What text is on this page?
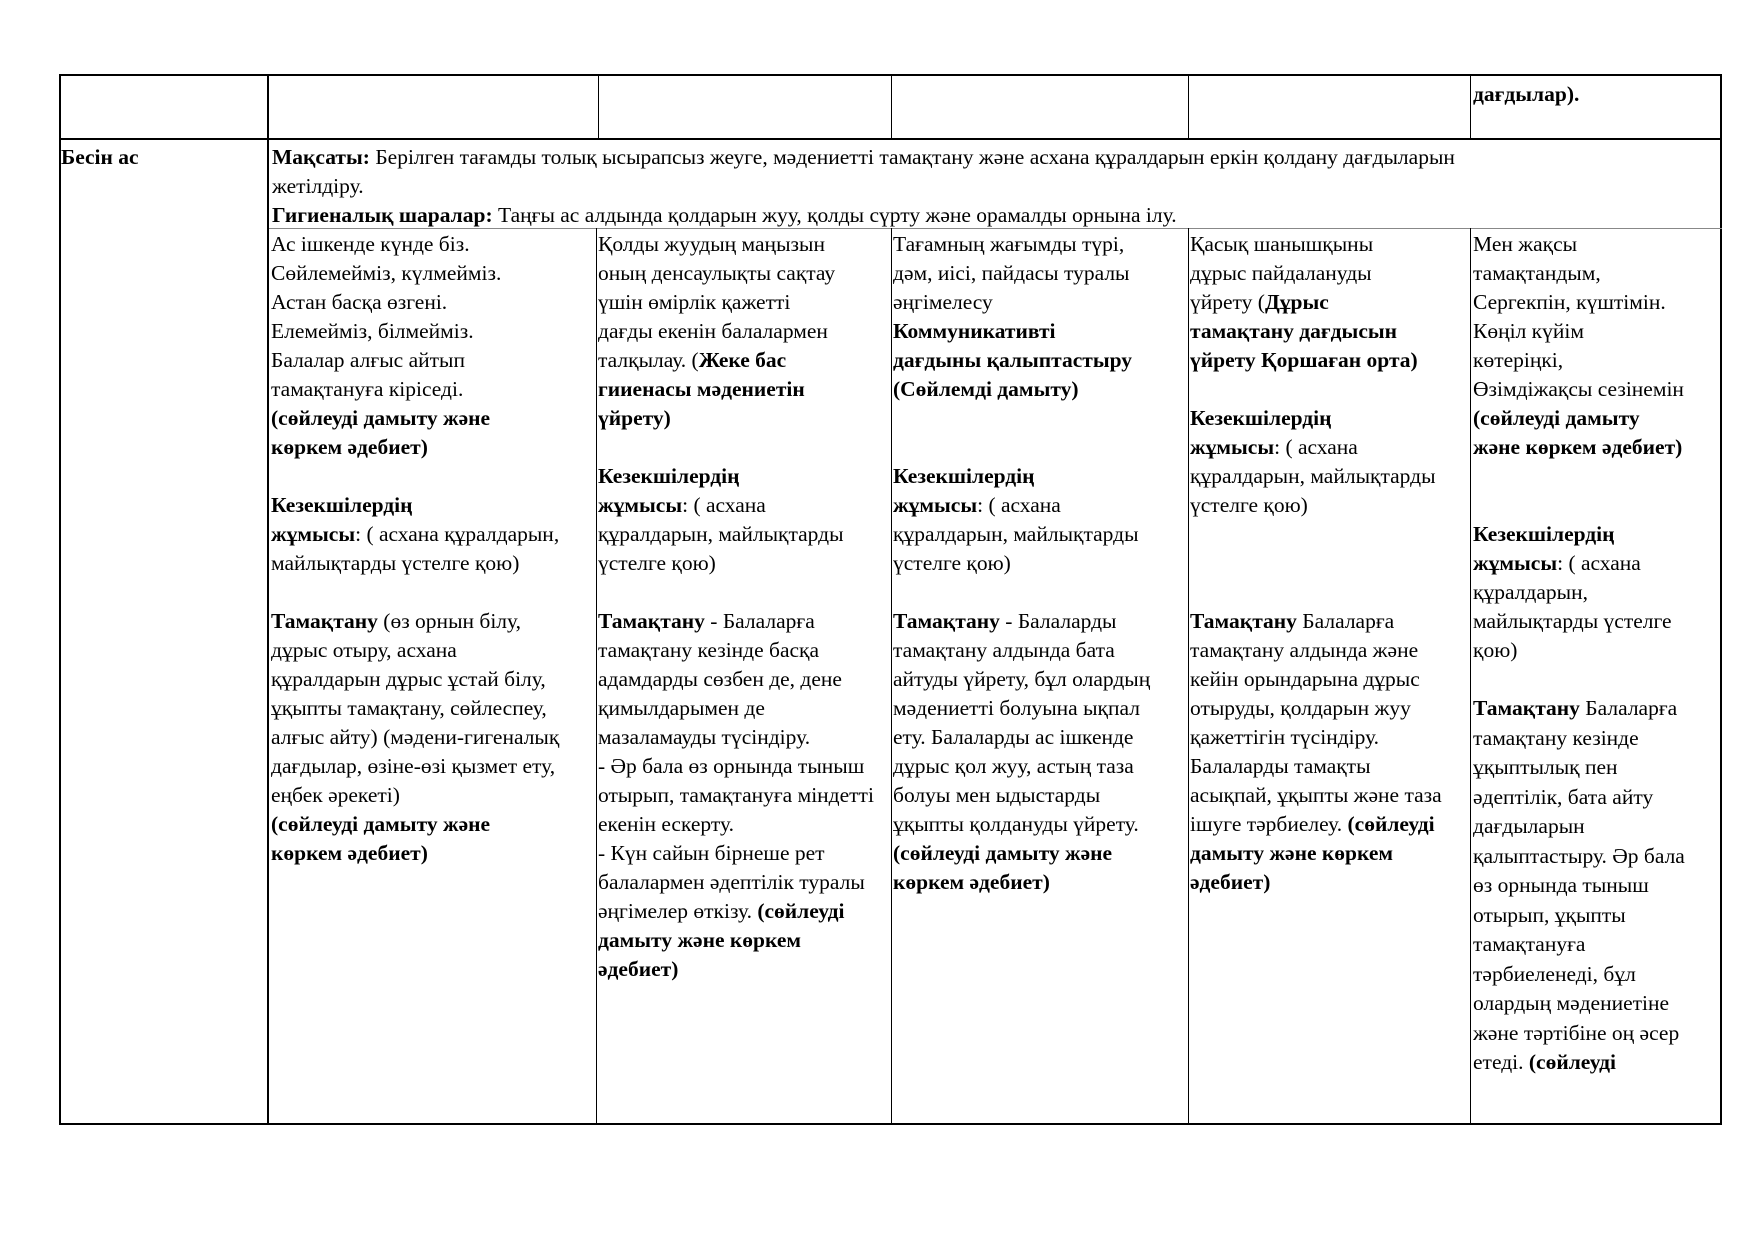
дағдылар).
Бесін ас	Мақсаты: Берілген тағамды толық ысырапсыз жеуге, мәдениетті тамақтану және асхана құралдарын еркін қолдану дағдыларын
жетілдіру.
Гигиеналық шаралар: Таңғы ас алдында қолдарын жуу, қолды сүрту және орамалды орнына ілу.
Ас ішкенде күнде біз.
Сөйлемейміз, күлмейміз.
Астан басқа өзгені.
Елемейміз, білмейміз.
Балалар алғыс айтып
тамақтануға кіріседі.
(сөйлеуді дамыту және
көркем әдебиет)
Кезекшілердің
жұмысы: ( асхана құралдарын,
майлықтарды үстелге қою)
Тамақтану (өз орнын білу,
дұрыс отыру, асхана
құралдарын дұрыс ұстай білу,
ұқыпты тамақтану, сөйлеспеу,
алғыс айту) (мәдени-гигеналық
дағдылар, өзіне-өзі қызмет ету,
еңбек әрекеті)
(сөйлеуді дамыту және
көркем әдебиет)
Қолды жуудың маңызын
оның денсаулықты сақтау
үшін өмірлік қажетті
дағды екенін балалармен
талқылау. (Жеке бас
гииенасы мәдениетін
үйрету)
Кезекшілердің
жұмысы: ( асхана
құралдарын, майлықтарды
үстелге қою)
Тамақтану - Балаларға
тамақтану кезінде басқа
адамдарды сөзбен де, дене
қимылдарымен де
мазаламауды түсіндіру.
- Әр бала өз орнында тыныш
отырып, тамақтануға міндетті
екенін ескерту.
- Күн сайын бірнеше рет
балалармен әдептілік туралы
әңгімелер өткізу. (сөйлеуді
дамыту және көркем
әдебиет)
Тағамның жағымды түрі,
дәм, иісі, пайдасы туралы
әңгімелесу
Коммуникативті
дағдыны қалыптастыру
(Сөйлемді дамыту)
Кезекшілердің
жұмысы: ( асхана
құралдарын, майлықтарды
үстелге қою)
Тамақтану - Балаларды
тамақтану алдында бата
айтуды үйрету, бұл олардың
мәдениетті болуына ықпал
ету. Балаларды ас ішкенде
дұрыс қол жуу, астың таза
болуы мен ыдыстарды
ұқыпты қолдануды үйрету.
(сөйлеуді дамыту және
көркем әдебиет)
Қасық шанышқыны
дұрыс пайдалануды
үйрету (Дұрыс
тамақтану дағдысын
үйрету Қоршаған орта)
Кезекшілердің
жұмысы: ( асхана
құралдарын, майлықтарды
үстелге қою)
Тамақтану Балаларға
тамақтану алдында және
кейін орындарына дұрыс
отыруды, қолдарын жуу
қажеттігін түсіндіру.
Балаларды тамақты
асықпай, ұқыпты және таза
ішуге тәрбиелеу. (сөйлеуді
дамыту және көркем
әдебиет)
Мен жақсы
тамақтандым,
Сергекпін, күштімін.
Көңіл күйім
көтеріңкі,
Өзімдіжақсы сезінемін
(сөйлеуді дамыту
және көркем әдебиет)
Кезекшілердің
жұмысы: ( асхана
құралдарын,
майлықтарды үстелге
қою)
Тамақтану Балаларға
тамақтану кезінде
ұқыптылық пен
әдептілік, бата айту
дағдыларын
қалыптастыру. Әр бала
өз орнында тыныш
отырып, ұқыпты
тамақтануға
тәрбиеленеді, бұл
олардың мәдениетіне
және тәртібіне оң әсер
етеді. (сөйлеуді
